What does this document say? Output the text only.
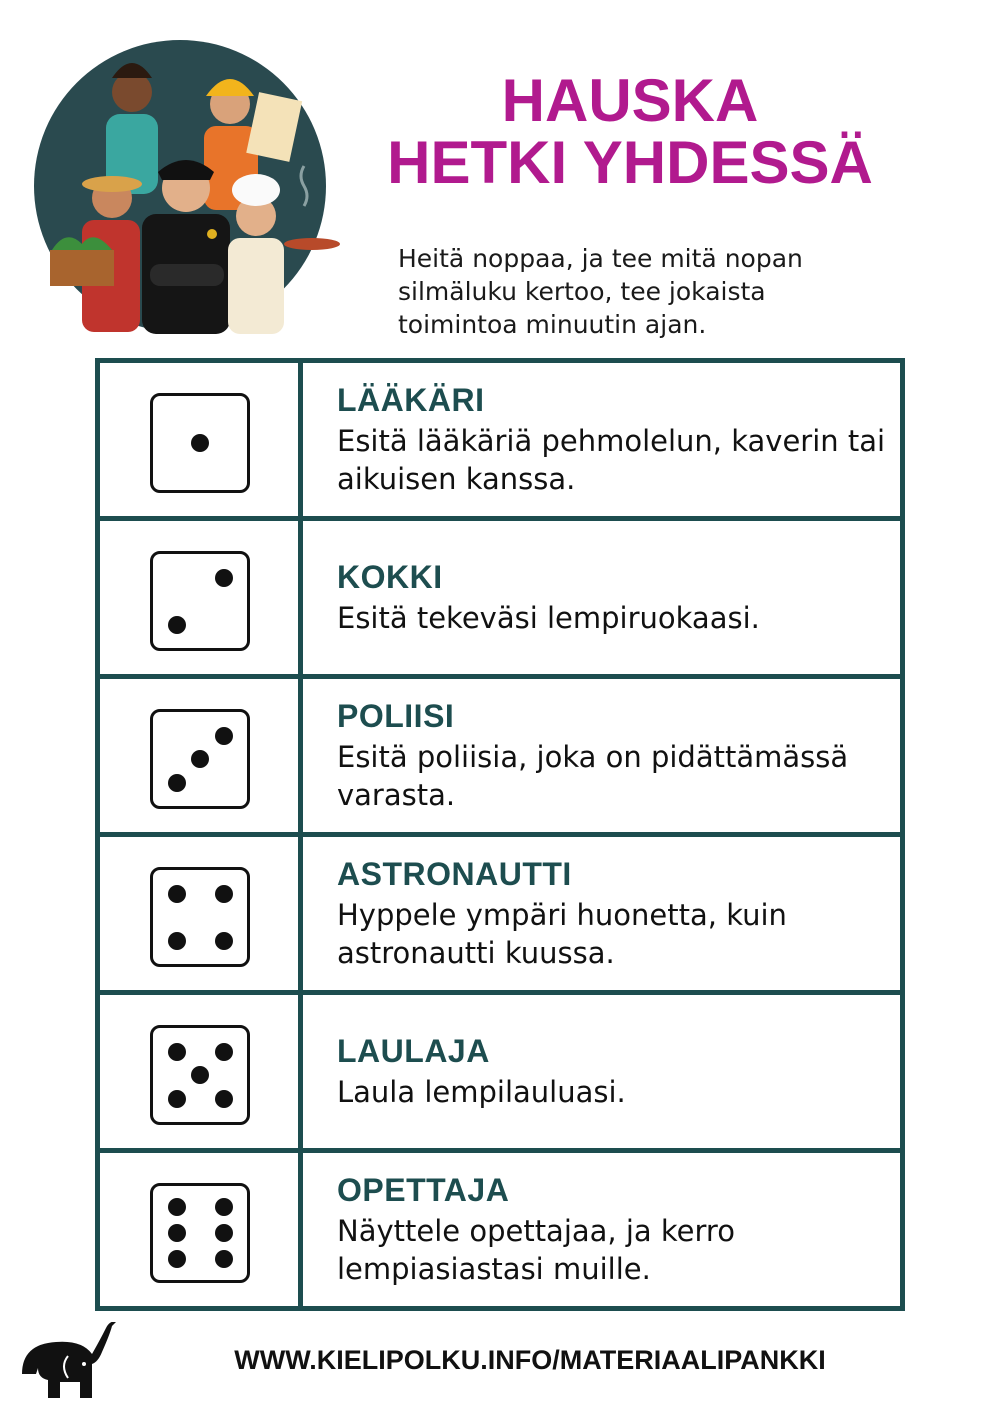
HAUSKA
HETKI YHDESSÄ

Heitä noppaa, ja tee mitä nopan silmäluku kertoo, tee jokaista toimintoa minuutin ajan.

	LÄÄKÄRI
Esitä lääkäriä pehmolelun, kaverin tai aikuisen kanssa.

	KOKKI
Esitä tekeväsi lempiruokaasi.

	POLIISI
Esitä poliisia, joka on pidättämässä varasta.

	ASTRONAUTTI
Hyppele ympäri huonetta, kuin astronautti kuussa.

	LAULAJA
Laula lempilauluasi.

	OPETTAJA
Näyttele opettajaa, ja kerro lempiasiastasi muille.
WWW.KIELIPOLKU.INFO/MATERIAALIPANKKI
